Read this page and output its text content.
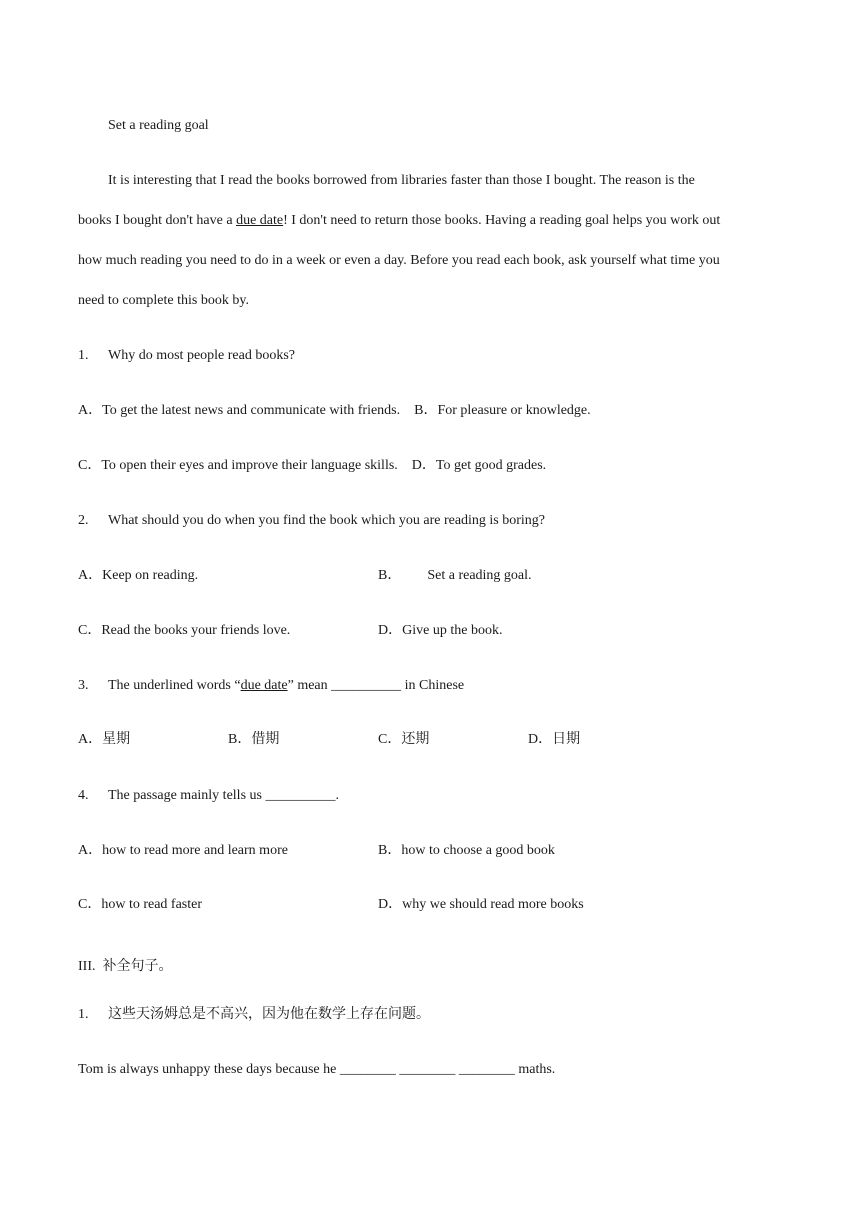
Set a reading goal
It is interesting that I read the books borrowed from libraries faster than those I bought. The reason is the
books I bought don't have a due date! I don't need to return those books. Having a reading goal helps you work out
how much reading you need to do in a week or even a day. Before you read each book, ask yourself what time you
need to complete this book by.
1. Why do most people read books?
A．To get the latest news and communicate with friends. B．For pleasure or knowledge.
C．To open their eyes and improve their language skills. D．To get good grades.
2. What should you do when you find the book which you are reading is boring?
A．Keep on reading.	B． Set a reading goal.
C．Read the books your friends love.	D．Give up the book.
3. The underlined words “due date” mean __________ in Chinese
A．星期	B．借期	C．还期	D．日期
4. The passage mainly tells us __________.
A．how to read more and learn more	B．how to choose a good book
C．how to read faster	D．why we should read more books
III.  补全句子。
1. 这些天汤姆总是不高兴，因为他在数学上存在问题。
Tom is always unhappy these days because he ________ ________ ________ maths.
